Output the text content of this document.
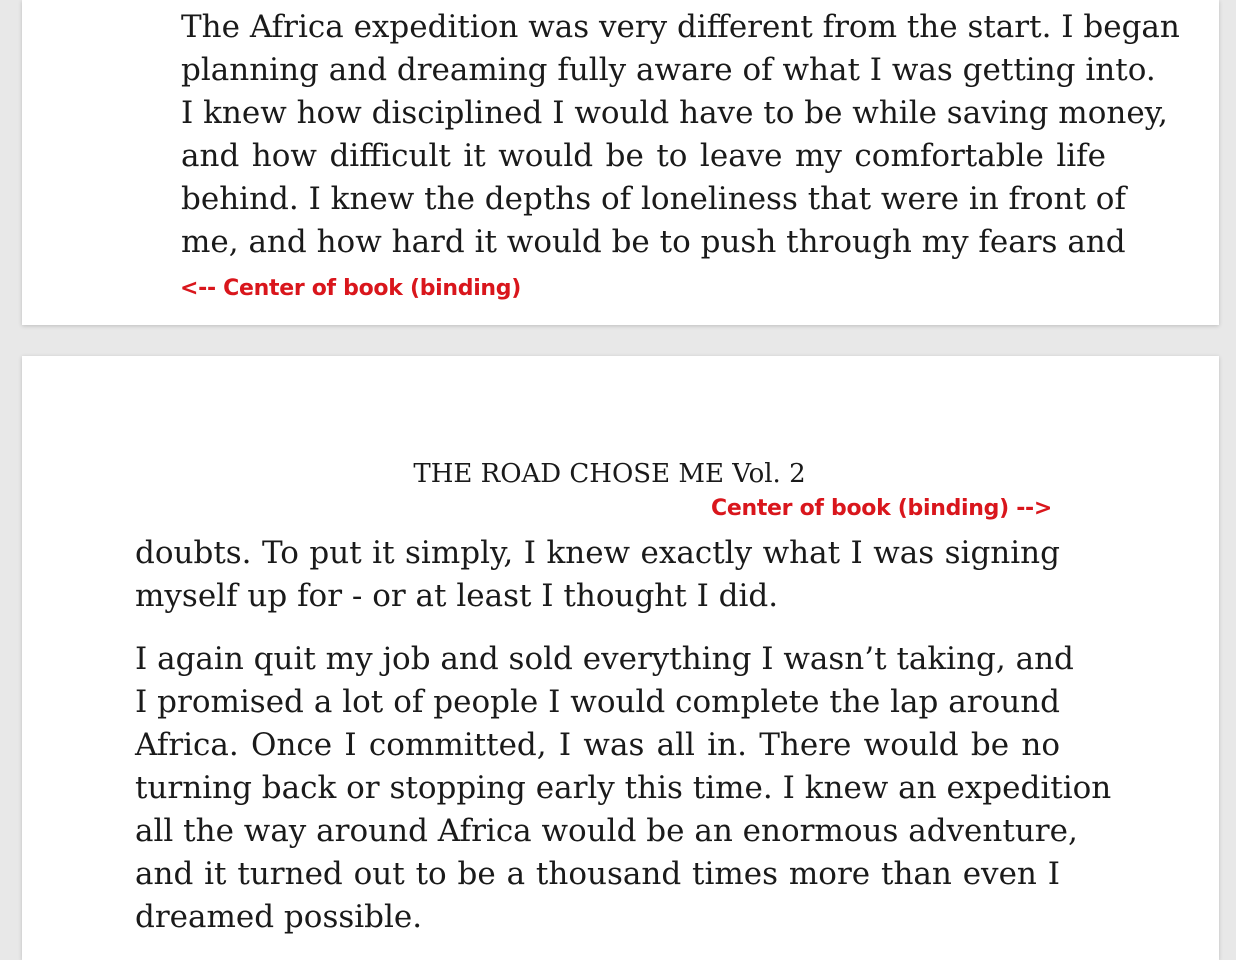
The Africa expedition was very different from the start. I began
planning and dreaming fully aware of what I was getting into.
I knew how disciplined I would have to be while saving money,
and how difficult it would be to leave my comfortable life
behind. I knew the depths of loneliness that were in front of
me, and how hard it would be to push through my fears and
<-- Center of book (binding)
THE ROAD CHOSE ME Vol. 2
Center of book (binding) -->
doubts. To put it simply, I knew exactly what I was signing
myself up for - or at least I thought I did.
I again quit my job and sold everything I wasn’t taking, and
I promised a lot of people I would complete the lap around
Africa. Once I committed, I was all in. There would be no
turning back or stopping early this time. I knew an expedition
all the way around Africa would be an enormous adventure,
and it turned out to be a thousand times more than even I
dreamed possible.
